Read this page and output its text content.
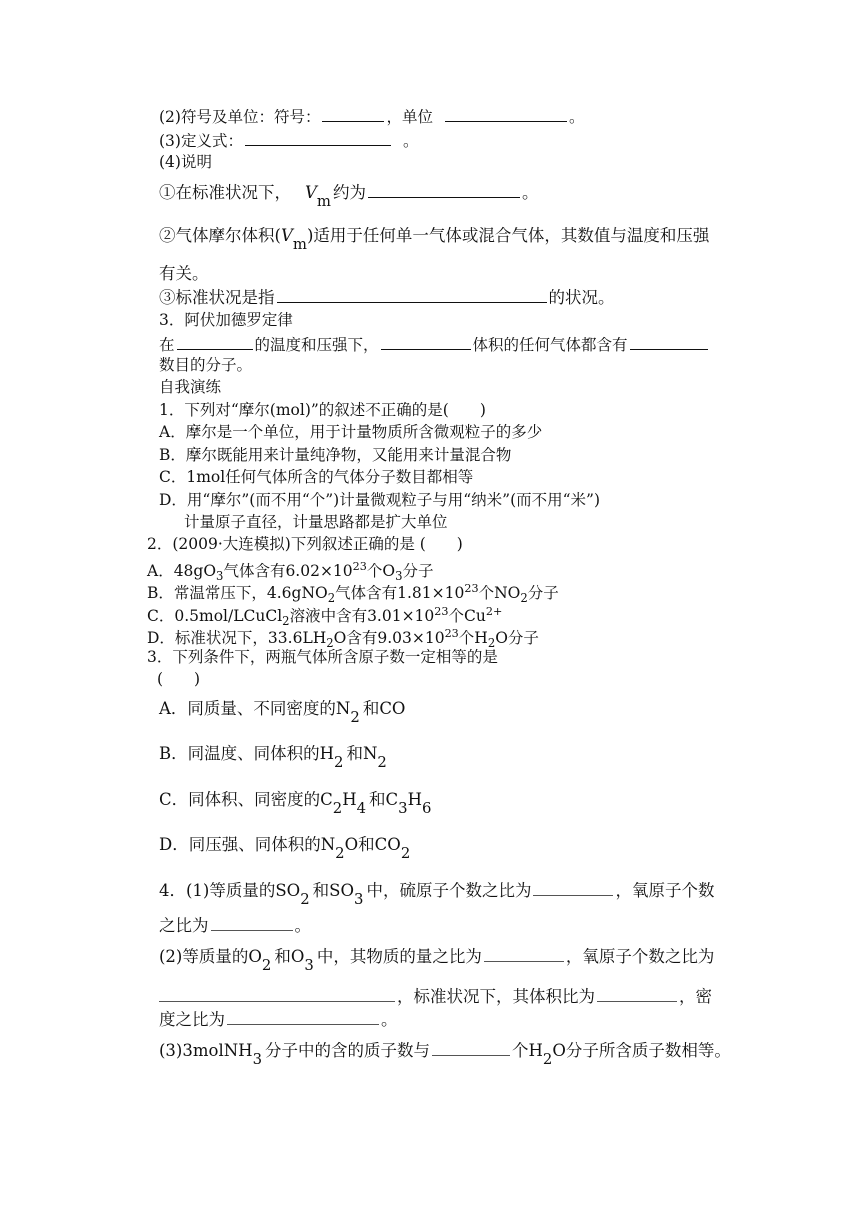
(2)符号及单位：符号：	，单位	。
(3)定义式：	。
(4)说明
①在标准状况下， Vm 约为	。
②气体摩尔体积(Vm)适用于任何单一气体或混合气体，其数值与温度和压强
有关。
③标准状况是指	的状况。
3．阿伏加德罗定律
在	的温度和压强下，	体积的任何气体都含有
数目的分子。
自我演练
1．下列对“摩尔(mol)”的叙述不正确的是(　　)
A．摩尔是一个单位，用于计量物质所含微观粒子的多少
B．摩尔既能用来计量纯净物，又能用来计量混合物
C．1mol任何气体所含的气体分子数目都相等
D．用“摩尔”(而不用“个”)计量微观粒子与用“纳米”(而不用“米”)
计量原子直径，计量思路都是扩大单位
2．(2009·大连模拟)下列叙述正确的是 (　　)
A．$48gO_3$气体含有$6.02\times 10^{23}$个$O_3$分子
B．常温常压下，4.6gNO$_2$气体含有$1.81\times 10^{23}$个$NO_2$分子
C．0.5mol/LCuCl$_2$溶液中含有$3.01\times 10^{23}$个$Cu^{2+}$
D．标准状况下，$33.6LH_2O$含有$9.03\times 10^{23}$个$H_2O$分子
3．下列条件下，两瓶气体所含原子数一定相等的是
(　　)
A．同质量、不同密度的N2 和CO
B．同温度、同体积的H2 和N2
C．同体积、同密度的C2H4 和C3H6
D．同压强、同体积的N2O和CO2
4．(1)等质量的SO2 和SO3 中，硫原子个数之比为	，氧原子个数
之比为	。
(2)等质量的O2 和O3 中，其物质的量之比为	，氧原子个数之比为
，标准状况下，其体积比为	，密
度之比为	。
(3)3molNH3 分子中的含的质子数与	个H2O分子所含质子数相等。
